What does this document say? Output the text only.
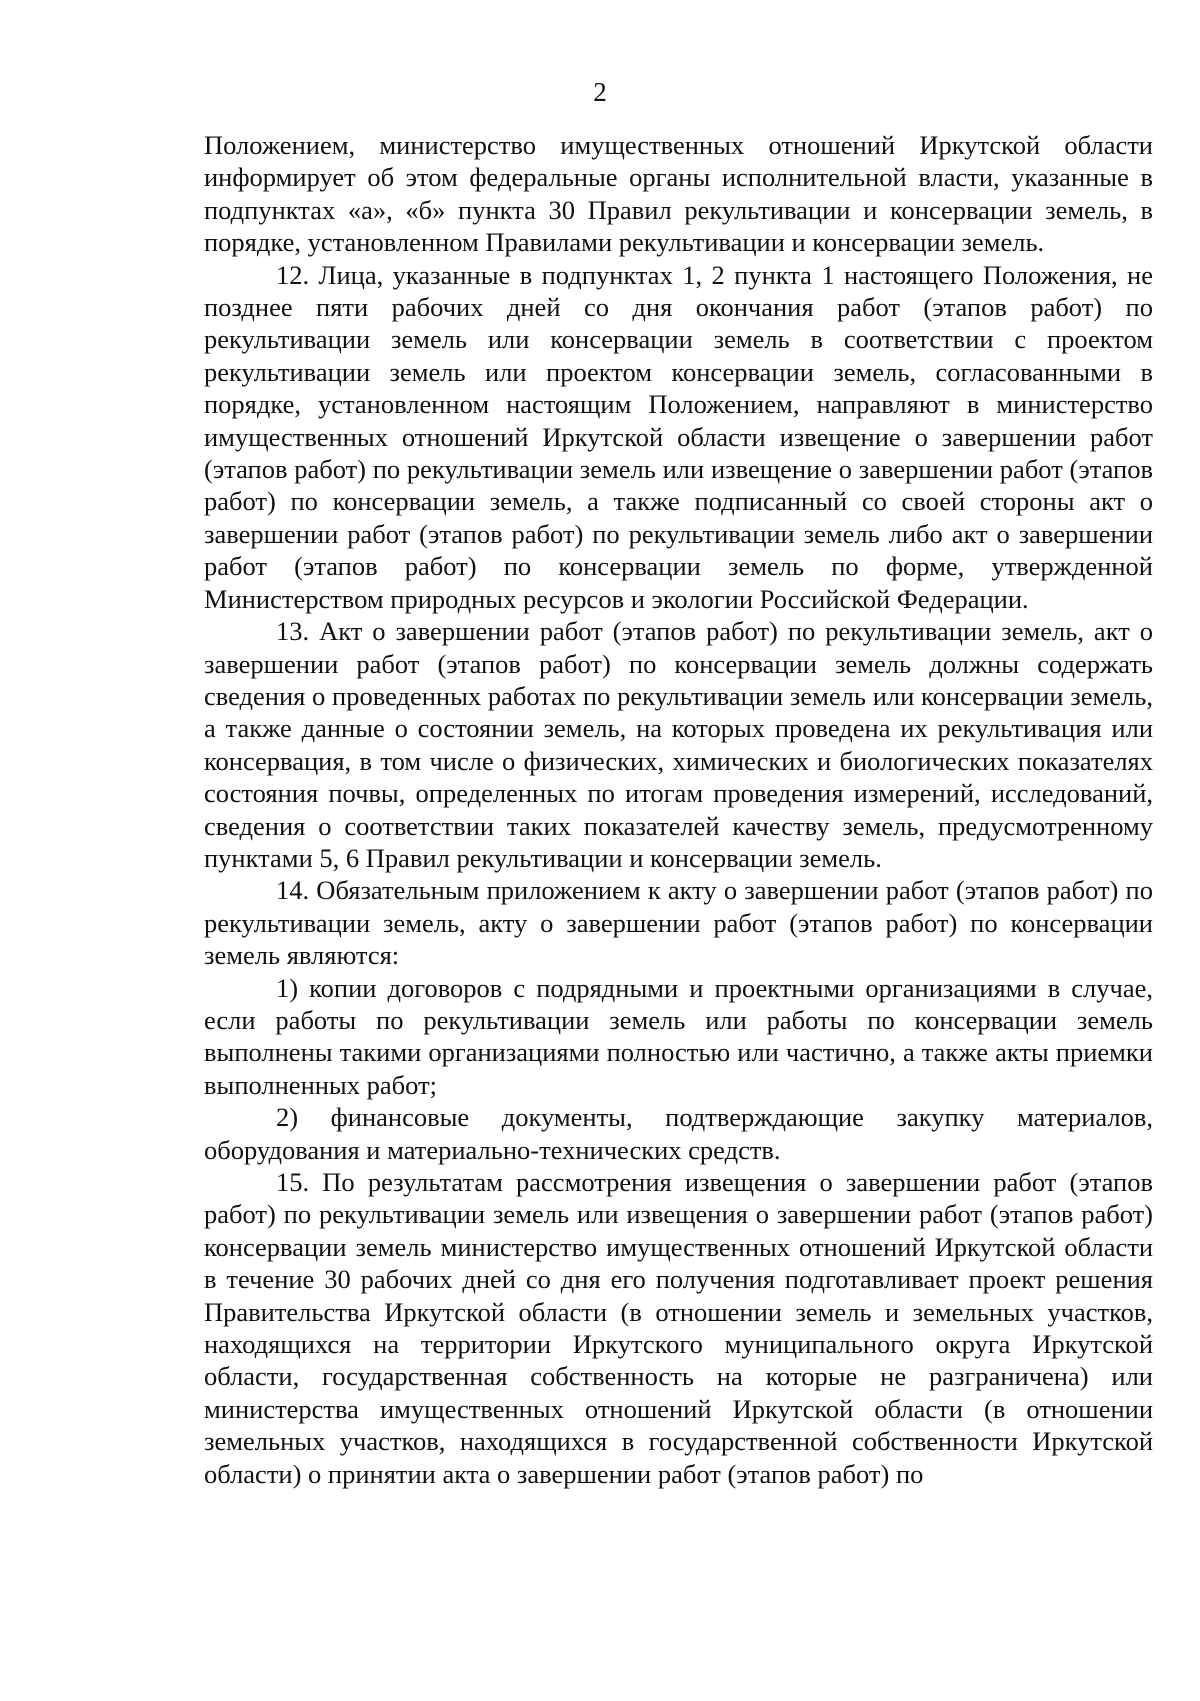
2

Положением, министерство имущественных отношений Иркутской области информирует об этом федеральные органы исполнительной власти, указанные в подпунктах «а», «б» пункта 30 Правил рекультивации и консервации земель, в порядке, установленном Правилами рекультивации и консервации земель.

12. Лица, указанные в подпунктах 1, 2 пункта 1 настоящего Положения, не позднее пяти рабочих дней со дня окончания работ (этапов работ) по рекультивации земель или консервации земель в соответствии с проектом рекультивации земель или проектом консервации земель, согласованными в порядке, установленном настоящим Положением, направляют в министерство имущественных отношений Иркутской области извещение о завершении работ (этапов работ) по рекультивации земель или извещение о завершении работ (этапов работ) по консервации земель, а также подписанный со своей стороны акт о завершении работ (этапов работ) по рекультивации земель либо акт о завершении работ (этапов работ) по консервации земель по форме, утвержденной Министерством природных ресурсов и экологии Российской Федерации.

13. Акт о завершении работ (этапов работ) по рекультивации земель, акт о завершении работ (этапов работ) по консервации земель должны содержать сведения о проведенных работах по рекультивации земель или консервации земель, а также данные о состоянии земель, на которых проведена их рекультивация или консервация, в том числе о физических, химических и биологических показателях состояния почвы, определенных по итогам проведения измерений, исследований, сведения о соответствии таких показателей качеству земель, предусмотренному пунктами 5, 6 Правил рекультивации и консервации земель.

14. Обязательным приложением к акту о завершении работ (этапов работ) по рекультивации земель, акту о завершении работ (этапов работ) по консервации земель являются:

1) копии договоров с подрядными и проектными организациями в случае, если работы по рекультивации земель или работы по консервации земель выполнены такими организациями полностью или частично, а также акты приемки выполненных работ;

2) финансовые документы, подтверждающие закупку материалов, оборудования и материально-технических средств.

15. По результатам рассмотрения извещения о завершении работ (этапов работ) по рекультивации земель или извещения о завершении работ (этапов работ) консервации земель министерство имущественных отношений Иркутской области в течение 30 рабочих дней со дня его получения подготавливает проект решения Правительства Иркутской области (в отношении земель и земельных участков, находящихся на территории Иркутского муниципального округа Иркутской области, государственная собственность на которые не разграничена) или министерства имущественных отношений Иркутской области (в отношении земельных участков, находящихся в государственной собственности Иркутской области) о принятии акта о завершении работ (этапов работ) по
